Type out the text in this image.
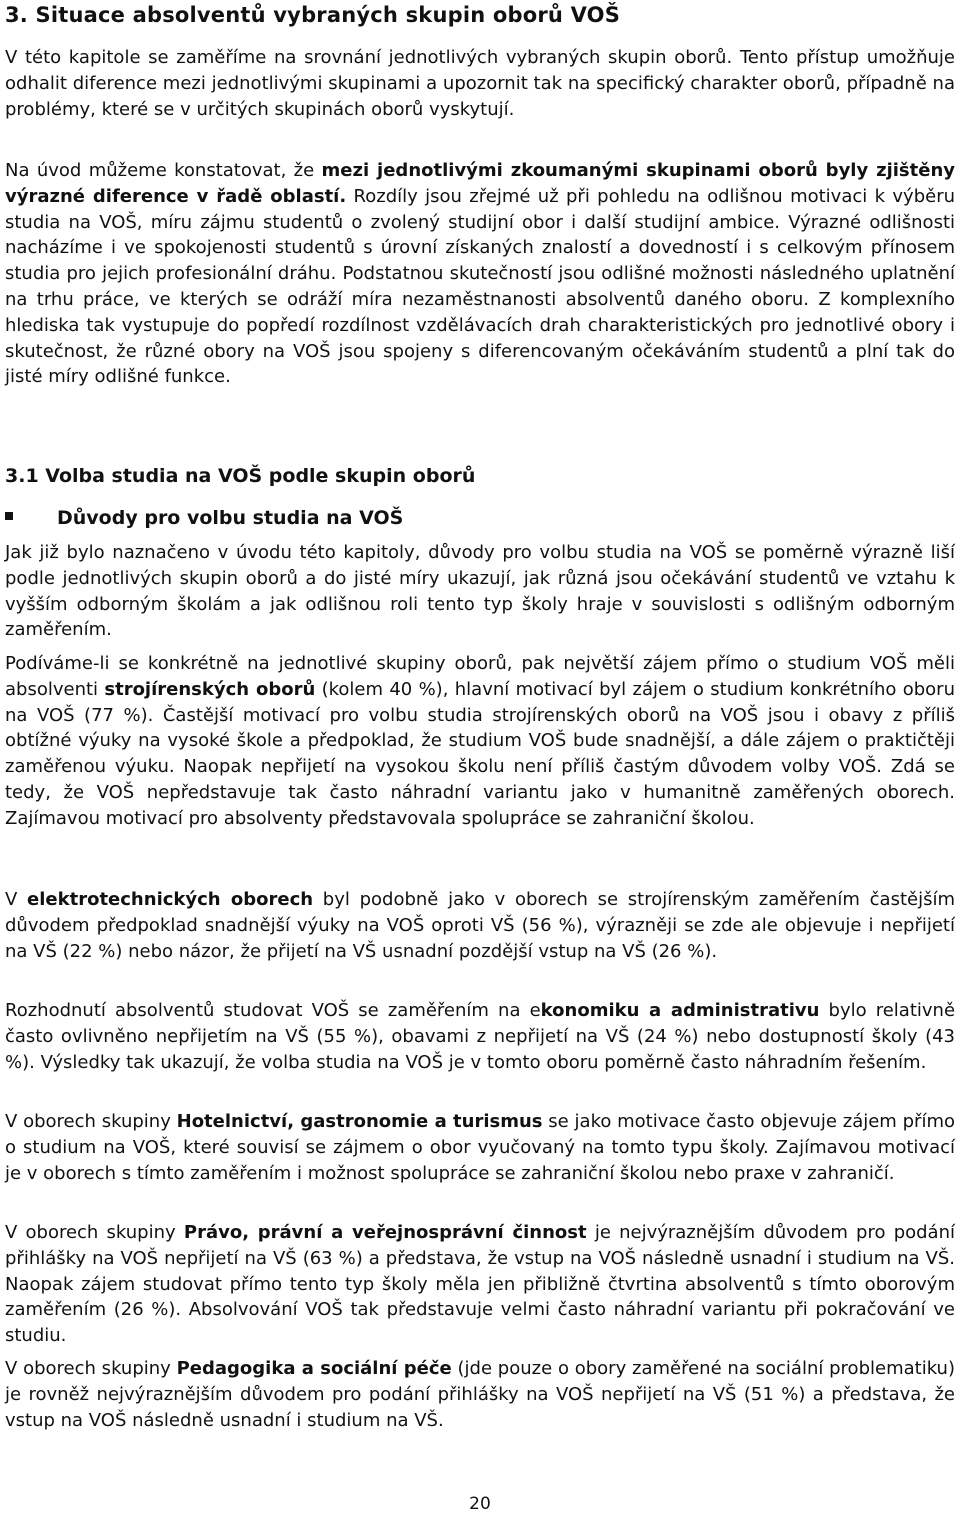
3. Situace absolventů vybraných skupin oborů VOŠ

V této kapitole se zaměříme na srovnání jednotlivých vybraných skupin oborů. Tento přístup umožňuje odhalit diference mezi jednotlivými skupinami a upozornit tak na specifický charakter oborů, případně na problémy, které se v určitých skupinách oborů vyskytují.

Na úvod můžeme konstatovat, že mezi jednotlivými zkoumanými skupinami oborů byly zjištěny výrazné diference v řadě oblastí. Rozdíly jsou zřejmé už při pohledu na odlišnou motivaci k výběru studia na VOŠ, míru zájmu studentů o zvolený studijní obor i další studijní ambice. Výrazné odlišnosti nacházíme i ve spokojenosti studentů s úrovní získaných znalostí a dovedností i s celkovým přínosem studia pro jejich profesionální dráhu. Podstatnou skutečností jsou odlišné možnosti následného uplatnění na trhu práce, ve kterých se odráží míra nezaměstnanosti absolventů daného oboru. Z komplexního hlediska tak vystupuje do popředí rozdílnost vzdělávacích drah charakteristických pro jednotlivé obory i skutečnost, že různé obory na VOŠ jsou spojeny s diferencovaným očekáváním studentů a plní tak do jisté míry odlišné funkce.

3.1 Volba studia na VOŠ podle skupin oborů
Důvody pro volbu studia na VOŠ

Jak již bylo naznačeno v úvodu této kapitoly, důvody pro volbu studia na VOŠ se poměrně výrazně liší podle jednotlivých skupin oborů a do jisté míry ukazují, jak různá jsou očekávání studentů ve vztahu k vyšším odborným školám a jak odlišnou roli tento typ školy hraje v souvislosti s odlišným odborným zaměřením.

Podíváme-li se konkrétně na jednotlivé skupiny oborů, pak největší zájem přímo o studium VOŠ měli absolventi strojírenských oborů (kolem 40 %), hlavní motivací byl zájem o studium konkrétního oboru na VOŠ (77 %). Častější motivací pro volbu studia strojírenských oborů na VOŠ jsou i obavy z příliš obtížné výuky na vysoké škole a předpoklad, že studium VOŠ bude snadnější, a dále zájem o praktičtěji zaměřenou výuku. Naopak nepřijetí na vysokou školu není příliš častým důvodem volby VOŠ. Zdá se tedy, že VOŠ nepředstavuje tak často náhradní variantu jako v humanitně zaměřených oborech. Zajímavou motivací pro absolventy představovala spolupráce se zahraniční školou.

V elektrotechnických oborech byl podobně jako v oborech se strojírenským zaměřením častějším důvodem předpoklad snadnější výuky na VOŠ oproti VŠ (56 %), výrazněji se zde ale objevuje i nepřijetí na VŠ (22 %) nebo názor, že přijetí na VŠ usnadní pozdější vstup na VŠ (26 %).

Rozhodnutí absolventů studovat VOŠ se zaměřením na ekonomiku a administrativu bylo relativně často ovlivněno nepřijetím na VŠ (55 %), obavami z nepřijetí na VŠ (24 %) nebo dostupností školy (43 %). Výsledky tak ukazují, že volba studia na VOŠ je v tomto oboru poměrně často náhradním řešením.

V oborech skupiny Hotelnictví, gastronomie a turismus se jako motivace často objevuje zájem přímo o studium na VOŠ, které souvisí se zájmem o obor vyučovaný na tomto typu školy. Zajímavou motivací je v oborech s tímto zaměřením i možnost spolupráce se zahraniční školou nebo praxe v zahraničí.

V oborech skupiny Právo, právní a veřejnosprávní činnost je nejvýraznějším důvodem pro podání přihlášky na VOŠ nepřijetí na VŠ (63 %) a představa, že vstup na VOŠ následně usnadní i studium na VŠ. Naopak zájem studovat přímo tento typ školy měla jen přibližně čtvrtina absolventů s tímto oborovým zaměřením (26 %). Absolvování VOŠ tak představuje velmi často náhradní variantu při pokračování ve studiu.

V oborech skupiny Pedagogika a sociální péče (jde pouze o obory zaměřené na sociální problematiku) je rovněž nejvýraznějším důvodem pro podání přihlášky na VOŠ nepřijetí na VŠ (51 %) a představa, že vstup na VOŠ následně usnadní i studium na VŠ.

20
